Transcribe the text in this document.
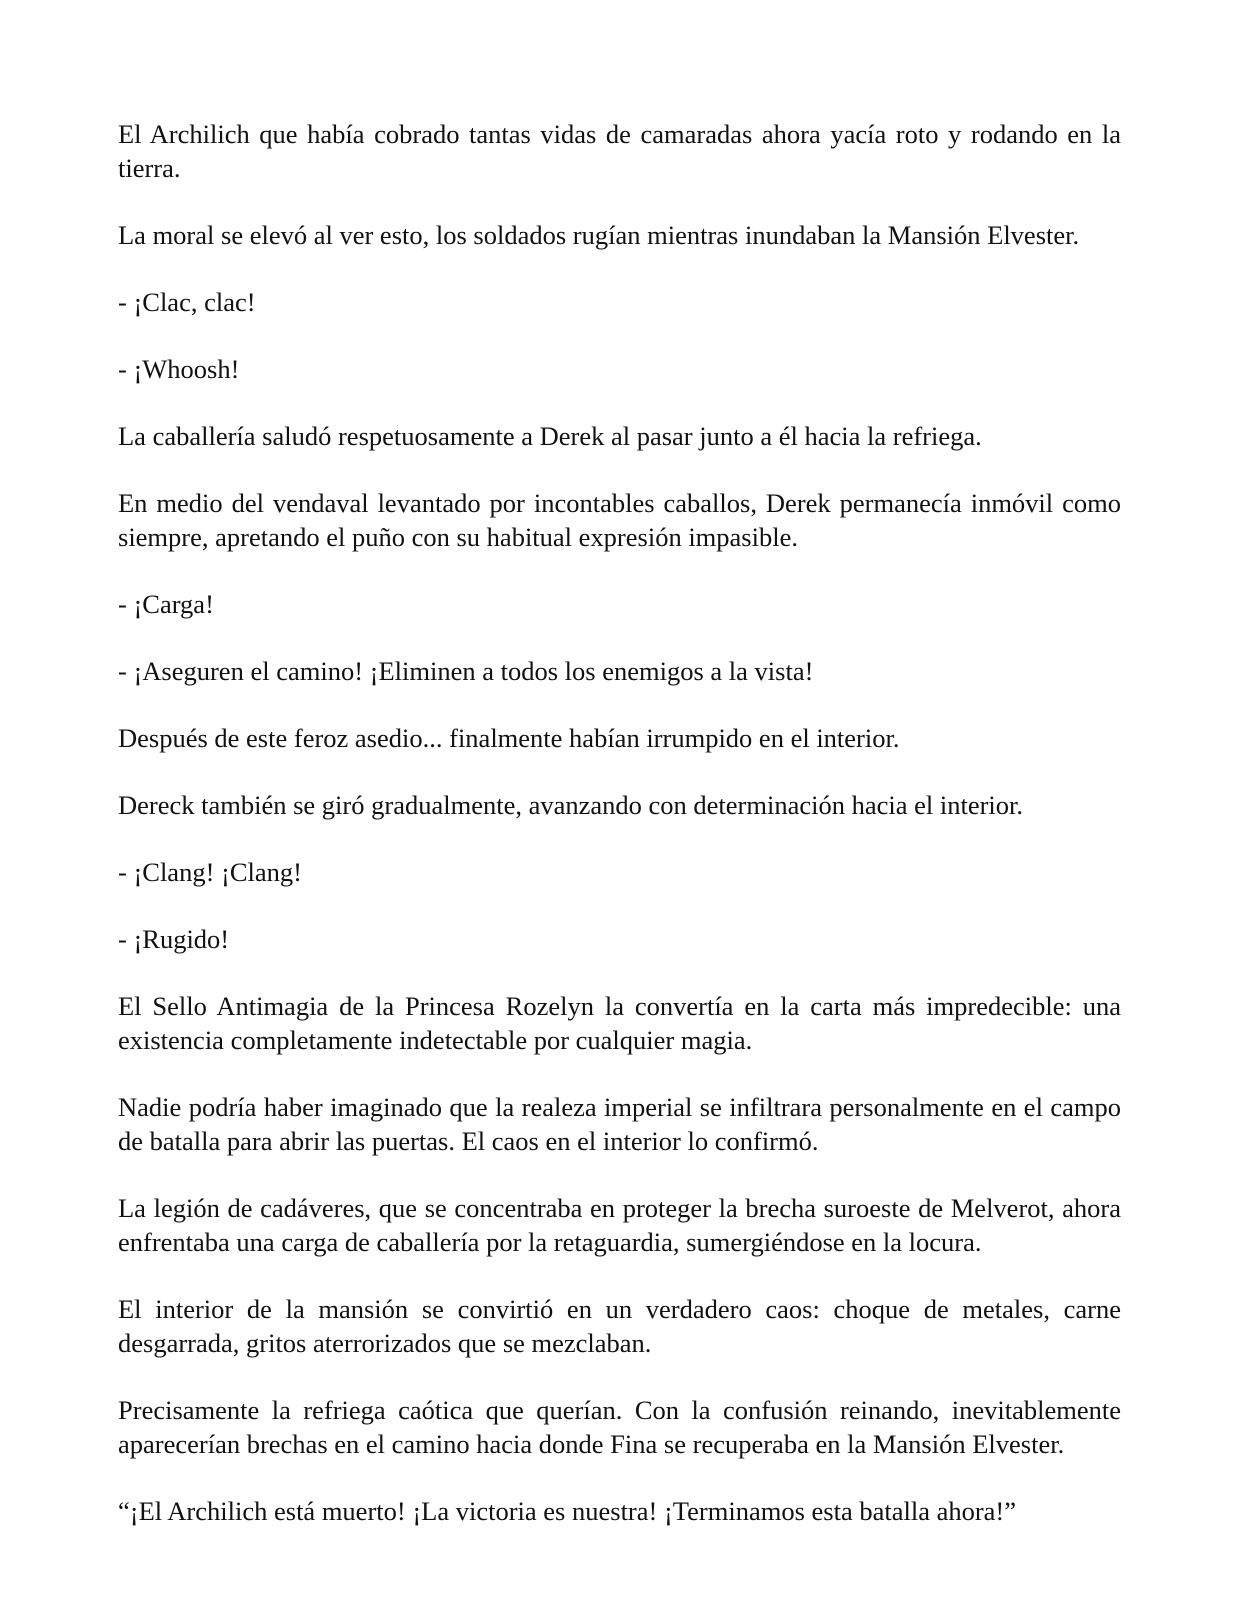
El Archilich que había cobrado tantas vidas de camaradas ahora yacía roto y rodando en la tierra.

La moral se elevó al ver esto, los soldados rugían mientras inundaban la Mansión Elvester.

- ¡Clac, clac!

- ¡Whoosh!

La caballería saludó respetuosamente a Derek al pasar junto a él hacia la refriega.

En medio del vendaval levantado por incontables caballos, Derek permanecía inmóvil como siempre, apretando el puño con su habitual expresión impasible.

- ¡Carga!

- ¡Aseguren el camino! ¡Eliminen a todos los enemigos a la vista!

Después de este feroz asedio... finalmente habían irrumpido en el interior.

Dereck también se giró gradualmente, avanzando con determinación hacia el interior.

- ¡Clang! ¡Clang!

- ¡Rugido!

El Sello Antimagia de la Princesa Rozelyn la convertía en la carta más impredecible: una existencia completamente indetectable por cualquier magia.

Nadie podría haber imaginado que la realeza imperial se infiltrara personalmente en el campo de batalla para abrir las puertas. El caos en el interior lo confirmó.

La legión de cadáveres, que se concentraba en proteger la brecha suroeste de Melverot, ahora enfrentaba una carga de caballería por la retaguardia, sumergiéndose en la locura.

El interior de la mansión se convirtió en un verdadero caos: choque de metales, carne desgarrada, gritos aterrorizados que se mezclaban.

Precisamente la refriega caótica que querían. Con la confusión reinando, inevitablemente aparecerían brechas en el camino hacia donde Fina se recuperaba en la Mansión Elvester.

“¡El Archilich está muerto! ¡La victoria es nuestra! ¡Terminamos esta batalla ahora!”
